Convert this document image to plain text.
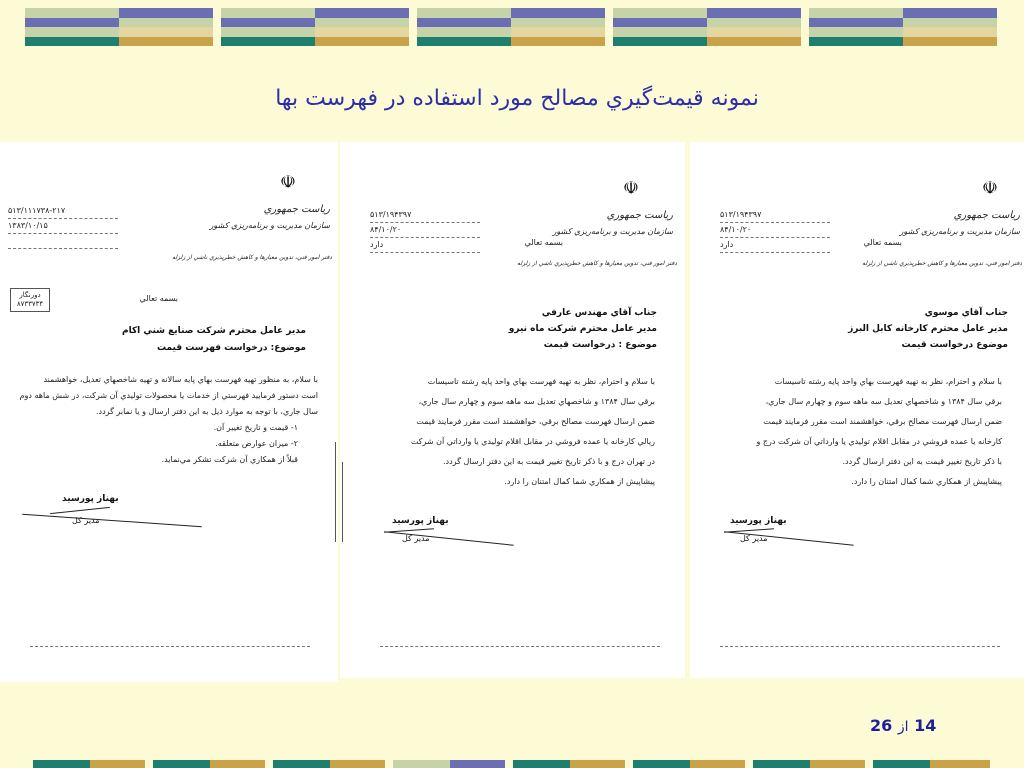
نمونه قيمت‌گيري مصالح مورد استفاده در فهرست بها
☫
رياست جمهوري
سازمان مديريت و برنامه‌ريزي كشور
دفتر امور فني، تدوين معيارها و كاهش خطرپذيري ناشي از زلزله
۵۱۳/۱۱۱۷۳۸-۲۱۷
۱۳۸۳/۱۰/۱۵
دورنگار ۸۷۳۳۷۳۴
بسمه تعالي
مدير عامل محترم شركت صنايع شني اكام
موضوع: درخواست فهرست قيمت
با سلام، به منظور تهيه فهرست بهاي پايه سالانه و تهيه شاخصهاي تعديل، خواهشمند
است دستور فرماييد فهرستي از خدمات يا محصولات توليدي آن شركت، در شش ماهه دوم
سال جاري، با توجه به موارد ذيل به اين دفتر ارسال و يا نمابر گردد.
۱- قيمت و تاريخ تغيير آن.
۲- ميزان عوارض متعلقه.
قبلاً از همكاري آن شركت تشكر مي‌نمايد.
بهناز پورسيد
مدير كل
☫
رياست جمهوري
سازمان مديريت و برنامه‌ريزي كشور
دفتر امور فني، تدوين معيارها و كاهش خطرپذيري ناشي از زلزله
۵۱۳/۱۹۴۳۹۷
۸۴/۱۰/۲۰
دارد	بسمه تعالي
جناب آقاي مهندس عارفي
مدير عامل محترم شركت ماه نيرو
موضوع : درخواست قيمت
با سلام و احترام، نظر به تهيه فهرست بهاي واحد پايه رشته تاسيسات
برقي سال ۱۳۸۴ و شاخصهاي تعديل سه ماهه سوم و چهارم سال جاري،
ضمن ارسال فهرست مصالح برقي، خواهشمند است مقرر فرمايند قيمت
ريالي كارخانه يا عمده فروشي در مقابل اقلام توليدي يا وارداتي آن شركت
در تهران درج و با ذكر تاريخ تغيير قيمت به اين دفتر ارسال گردد.
پيشاپيش از همكاري شما كمال امتنان را دارد.
بهناز پورسيد
مدير كل
☫
رياست جمهوري
سازمان مديريت و برنامه‌ريزي كشور
دفتر امور فني، تدوين معيارها و كاهش خطرپذيري ناشي از زلزله
۵۱۳/۱۹۴۳۹۷
۸۴/۱۰/۲۰
دارد	بسمه تعالي
جناب آقاي موسوي
مدير عامل محترم كارخانه كابل البرز
موضوع درخواست قيمت
با سلام و احترام، نظر به تهيه فهرست بهاي واحد پايه رشته تاسيسات
برقي سال ۱۳۸۴ و شاخصهاي تعديل سه ماهه سوم و چهارم سال جاري،
ضمن ارسال فهرست مصالح برقي، خواهشمند است مقرر فرمايند قيمت
كارخانه يا عمده فروشي در مقابل اقلام توليدي يا وارداتي آن شركت درج و
با ذكر تاريخ تغيير قيمت به اين دفتر ارسال گردد.
پيشاپيش از همكاري شما كمال امتنان را دارد.
بهناز پورسيد
مدير كل
14 از 26
